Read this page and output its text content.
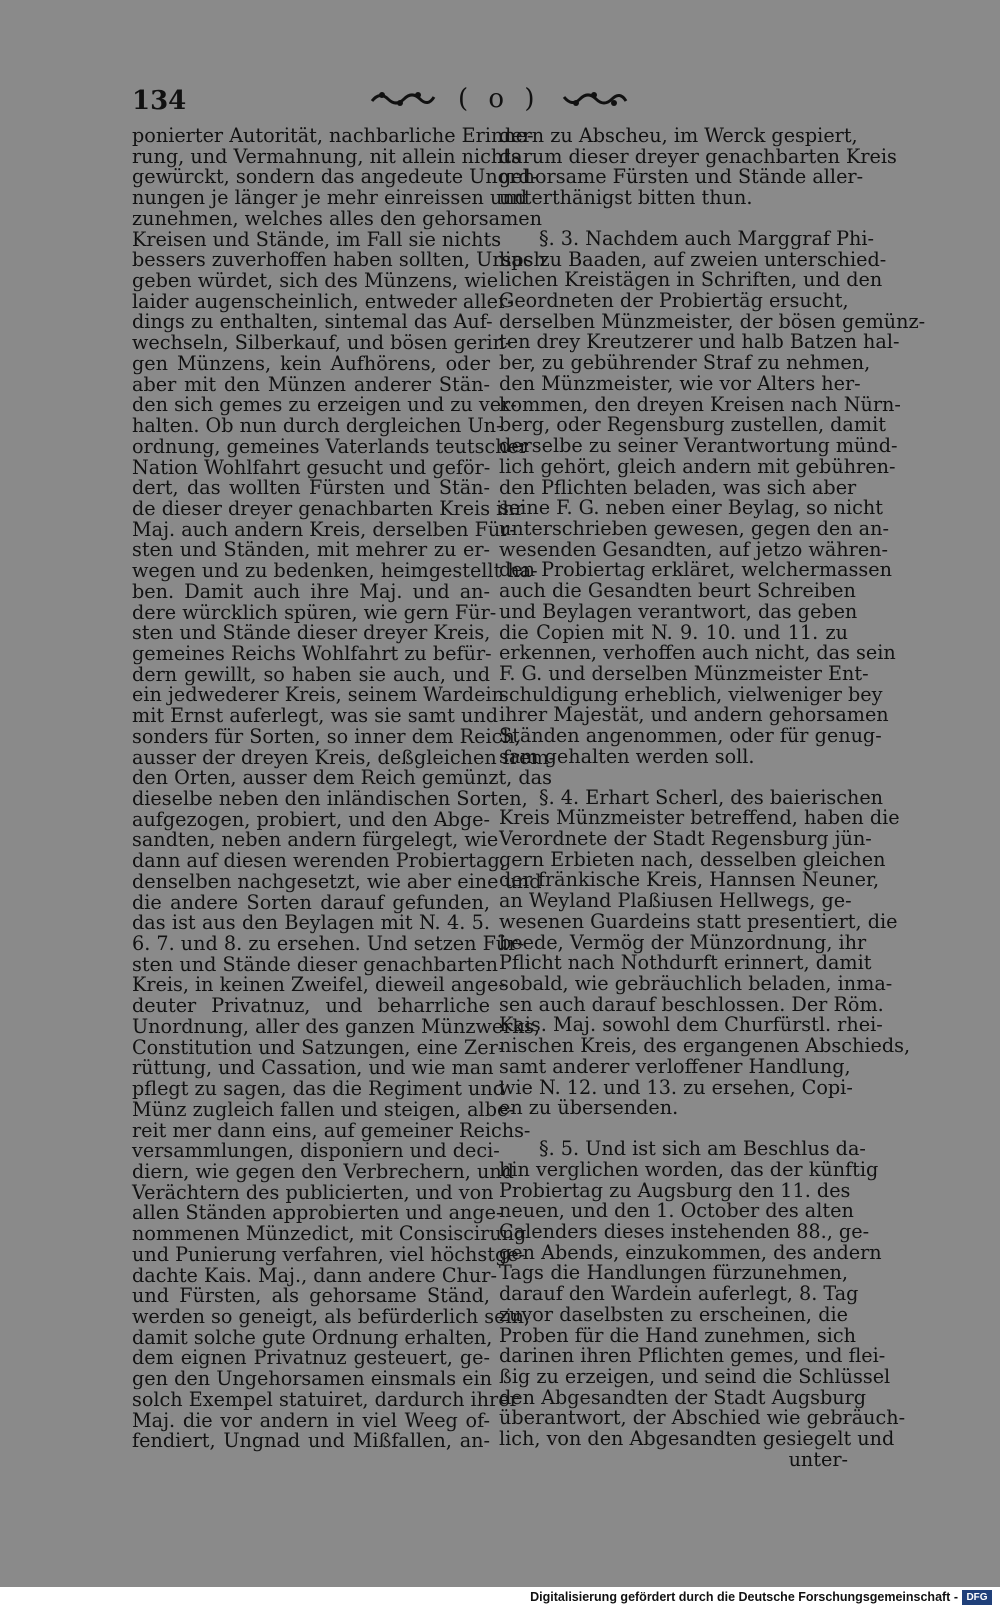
134	( o )
ponierter Autorität, nachbarliche Erinne-
rung, und Vermahnung, nit allein nichts
gewürckt, sondern das angedeute Unord-
nungen je länger je mehr einreissen und
zunehmen, welches alles den gehorsamen
Kreisen und Stände, im Fall sie nichts
bessers zuverhoffen haben sollten, Ursach
geben würdet, sich des Münzens, wie
laider augenscheinlich, entweder aller-
dings zu enthalten, sintemal das Auf-
wechseln, Silberkauf, und bösen gerin-
gen Münzens, kein Aufhörens, oder
aber mit den Münzen anderer Stän-
den sich gemes zu erzeigen und zu ver-
halten. Ob nun durch dergleichen Un-
ordnung, gemeines Vaterlands teutscher
Nation Wohlfahrt gesucht und geför-
dert, das wollten Fürsten und Stän-
de dieser dreyer genachbarten Kreis ihr
Maj. auch andern Kreis, derselben Für-
sten und Ständen, mit mehrer zu er-
wegen und zu bedenken, heimgestellt ha-
ben. Damit auch ihre Maj. und an-
dere würcklich spüren, wie gern Für-
sten und Stände dieser dreyer Kreis,
gemeines Reichs Wohlfahrt zu befür-
dern gewillt, so haben sie auch, und
ein jedwederer Kreis, seinem Wardein
mit Ernst auferlegt, was sie samt und
sonders für Sorten, so inner dem Reich,
ausser der dreyen Kreis, deßgleichen frem-
den Orten, ausser dem Reich gemünzt, das
dieselbe neben den inländischen Sorten,
aufgezogen, probiert, und den Abge-
sandten, neben andern fürgelegt, wie
dann auf diesen werenden Probiertag,
denselben nachgesetzt, wie aber eine und
die andere Sorten darauf gefunden,
das ist aus den Beylagen mit N. 4. 5.
6. 7. und 8. zu ersehen. Und setzen Für-
sten und Stände dieser genachbarten
Kreis, in keinen Zweifel, dieweil ange-
deuter Privatnuz, und beharrliche
Unordnung, aller des ganzen Münzwerks,
Constitution und Satzungen, eine Zer-
rüttung, und Cassation, und wie man
pflegt zu sagen, das die Regiment und
Münz zugleich fallen und steigen, albe-
reit mer dann eins, auf gemeiner Reichs-
versammlungen, disponiern und deci-
diern, wie gegen den Verbrechern, und
Verächtern des publicierten, und von
allen Ständen approbierten und ange-
nommenen Münzedict, mit Consiscirung
und Punierung verfahren, viel höchstge-
dachte Kais. Maj., dann andere Chur-
und Fürsten, als gehorsame Ständ,
werden so geneigt, als befürderlich sein,
damit solche gute Ordnung erhalten,
dem eignen Privatnuz gesteuert, ge-
gen den Ungehorsamen einsmals ein
solch Exempel statuiret, dardurch ihrer
Maj. die vor andern in viel Weeg of-
fendiert, Ungnad und Mißfallen, an-
dern zu Abscheu, im Werck gespiert,
darum dieser dreyer genachbarten Kreis
gehorsame Fürsten und Stände aller-
unterthänigst bitten thun.
§. 3. Nachdem auch Marggraf Phi-
lips zu Baaden, auf zweien unterschied-
lichen Kreistägen in Schriften, und den
Geordneten der Probiertäg ersucht,
derselben Münzmeister, der bösen gemünz-
ten drey Kreutzerer und halb Batzen hal-
ber, zu gebührender Straf zu nehmen,
den Münzmeister, wie vor Alters her-
kommen, den dreyen Kreisen nach Nürn-
berg, oder Regensburg zustellen, damit
derselbe zu seiner Verantwortung münd-
lich gehört, gleich andern mit gebühren-
den Pflichten beladen, was sich aber
seine F. G. neben einer Beylag, so nicht
unterschrieben gewesen, gegen den an-
wesenden Gesandten, auf jetzo währen-
den Probiertag erkläret, welchermassen
auch die Gesandten beurt Schreiben
und Beylagen verantwort, das geben
die Copien mit N. 9. 10. und 11. zu
erkennen, verhoffen auch nicht, das sein
F. G. und derselben Münzmeister Ent-
schuldigung erheblich, vielweniger bey
ihrer Majestät, und andern gehorsamen
Ständen angenommen, oder für genug-
sam gehalten werden soll.
§. 4. Erhart Scherl, des baierischen
Kreis Münzmeister betreffend, haben die
Verordnete der Stadt Regensburg jün-
gern Erbieten nach, desselben gleichen
der fränkische Kreis, Hannsen Neuner,
an Weyland Plaßiusen Hellwegs, ge-
wesenen Guardeins statt presentiert, die
beede, Vermög der Münzordnung, ihr
Pflicht nach Nothdurft erinnert, damit
sobald, wie gebräuchlich beladen, inma-
sen auch darauf beschlossen. Der Röm.
Kais. Maj. sowohl dem Churfürstl. rhei-
nischen Kreis, des ergangenen Abschieds,
samt anderer verloffener Handlung,
wie N. 12. und 13. zu ersehen, Copi-
en zu übersenden.
§. 5. Und ist sich am Beschlus da-
hin verglichen worden, das der künftig
Probiertag zu Augsburg den 11. des
neuen, und den 1. October des alten
Calenders dieses instehenden 88., ge-
gen Abends, einzukommen, des andern
Tags die Handlungen fürzunehmen,
darauf den Wardein auferlegt, 8. Tag
zuvor daselbsten zu erscheinen, die
Proben für die Hand zunehmen, sich
darinen ihren Pflichten gemes, und flei-
ßig zu erzeigen, und seind die Schlüssel
den Abgesandten der Stadt Augsburg
überantwort, der Abschied wie gebräuch-
lich, von den Abgesandten gesiegelt und
unter-
Digitalisierung gefördert durch die Deutsche Forschungsgemeinschaft - DFG
